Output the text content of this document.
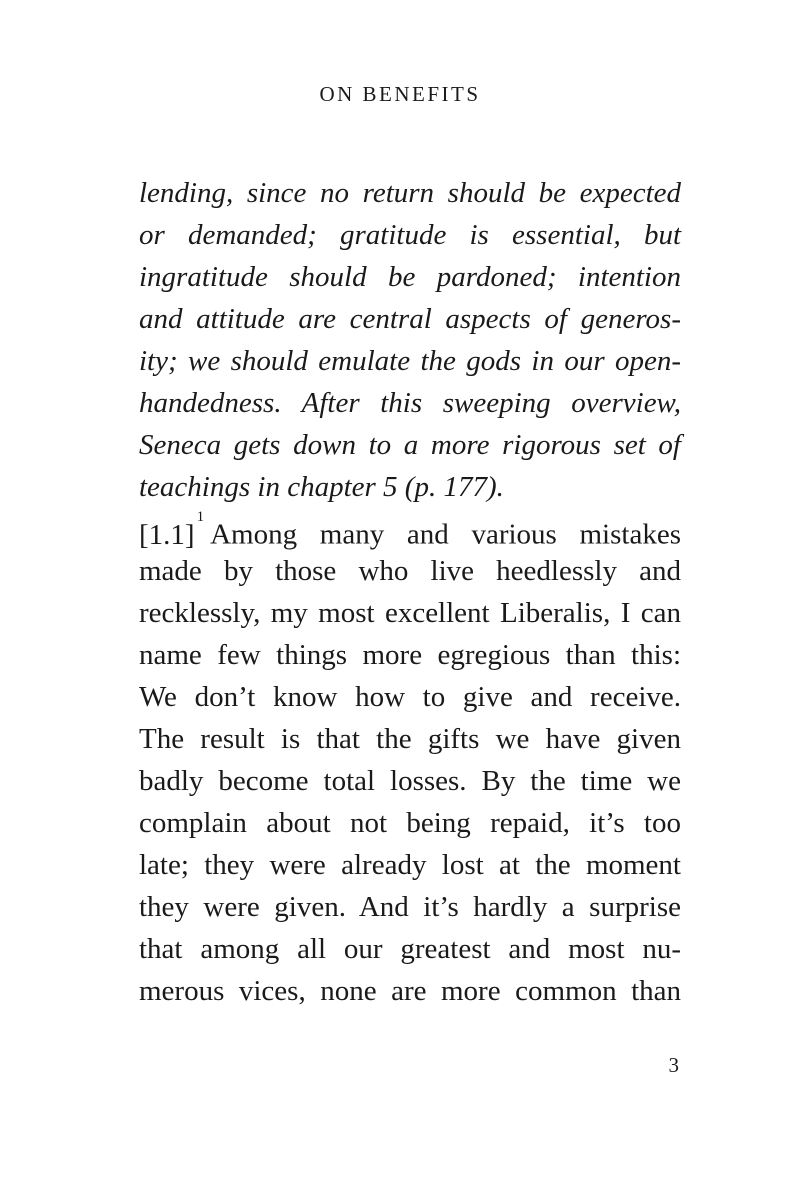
ON BENEFITS
lending, since no return should be expected
or demanded; gratitude is essential, but
ingratitude should be pardoned; intention
and attitude are central aspects of generos-
ity; we should emulate the gods in our open-
handedness. After this sweeping overview,
Seneca gets down to a more rigorous set of
teachings in chapter 5 (p. 177).
[1.1]$^1$Among many and various mistakes
made by those who live heedlessly and
recklessly, my most excellent Liberalis, I can
name few things more egregious than this:
We don’t know how to give and receive.
The result is that the gifts we have given
badly become total losses. By the time we
complain about not being repaid, it’s too
late; they were already lost at the moment
they were given. And it’s hardly a surprise
that among all our greatest and most nu-
merous vices, none are more common than
3
